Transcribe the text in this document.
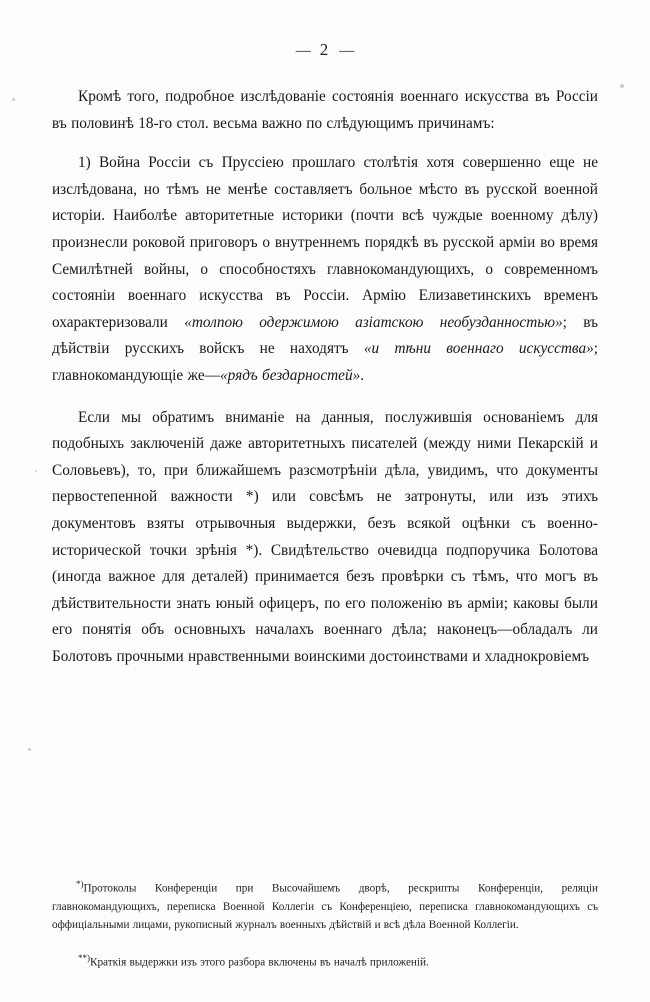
— 2 —

Кромѣ того, подробное изслѣдованіе состоянія военнаго искусства въ Россіи въ половинѣ 18-го стол. весьма важно по слѣдующимъ причинамъ:

1) Война Россіи съ Пруссіею прошлаго столѣтія хотя совершенно еще не изслѣдована, но тѣмъ не менѣе составляетъ больное мѣсто въ русской военной исторіи. Наиболѣе авторитетные историки (почти всѣ чуждые военному дѣлу) произнесли роковой приговоръ о внутреннемъ порядкѣ въ русской арміи во время Семилѣтней войны, о способностяхъ главнокомандующихъ, о современномъ состояніи военнаго искусства въ Россіи. Армію Елизаветинскихъ временъ охарактеризовали «толпою одержимою азіатскою необузданностью»; въ дѣйствіи русскихъ войскъ не находятъ «и тѣни военнаго искусства»; главнокомандующіе же—«рядъ бездарностей».

Если мы обратимъ вниманіе на данныя, послужившія основаніемъ для подобныхъ заключеній даже авторитетныхъ писателей (между ними Пекарскій и Соловьевъ), то, при ближайшемъ разсмотрѣніи дѣла, увидимъ, что документы первостепенной важности *) или совсѣмъ не затронуты, или изъ этихъ документовъ взяты отрывочныя выдержки, безъ всякой оцѣнки съ военно-исторической точки зрѣнія *). Свидѣтельство очевидца подпоручика Болотова (иногда важное для деталей) принимается безъ провѣрки съ тѣмъ, что могъ въ дѣйствительности знать юный офицеръ, по его положенію въ арміи; каковы были его понятія объ основныхъ началахъ военнаго дѣла; наконецъ—обладалъ ли Болотовъ прочными нравственными воинскими достоинствами и хладнокровіемъ

*)Протоколы Конференціи при Высочайшемъ дворѣ, рескрипты Конференціи, реляціи главнокомандующихъ, переписка Военной Коллегіи съ Конференціею, переписка главнокомандующихъ съ оффиціальными лицами, рукописный журналъ военныхъ дѣйствій и всѣ дѣла Военной Коллегіи.

**)Краткія выдержки изъ этого разбора включены въ началѣ приложеній.
